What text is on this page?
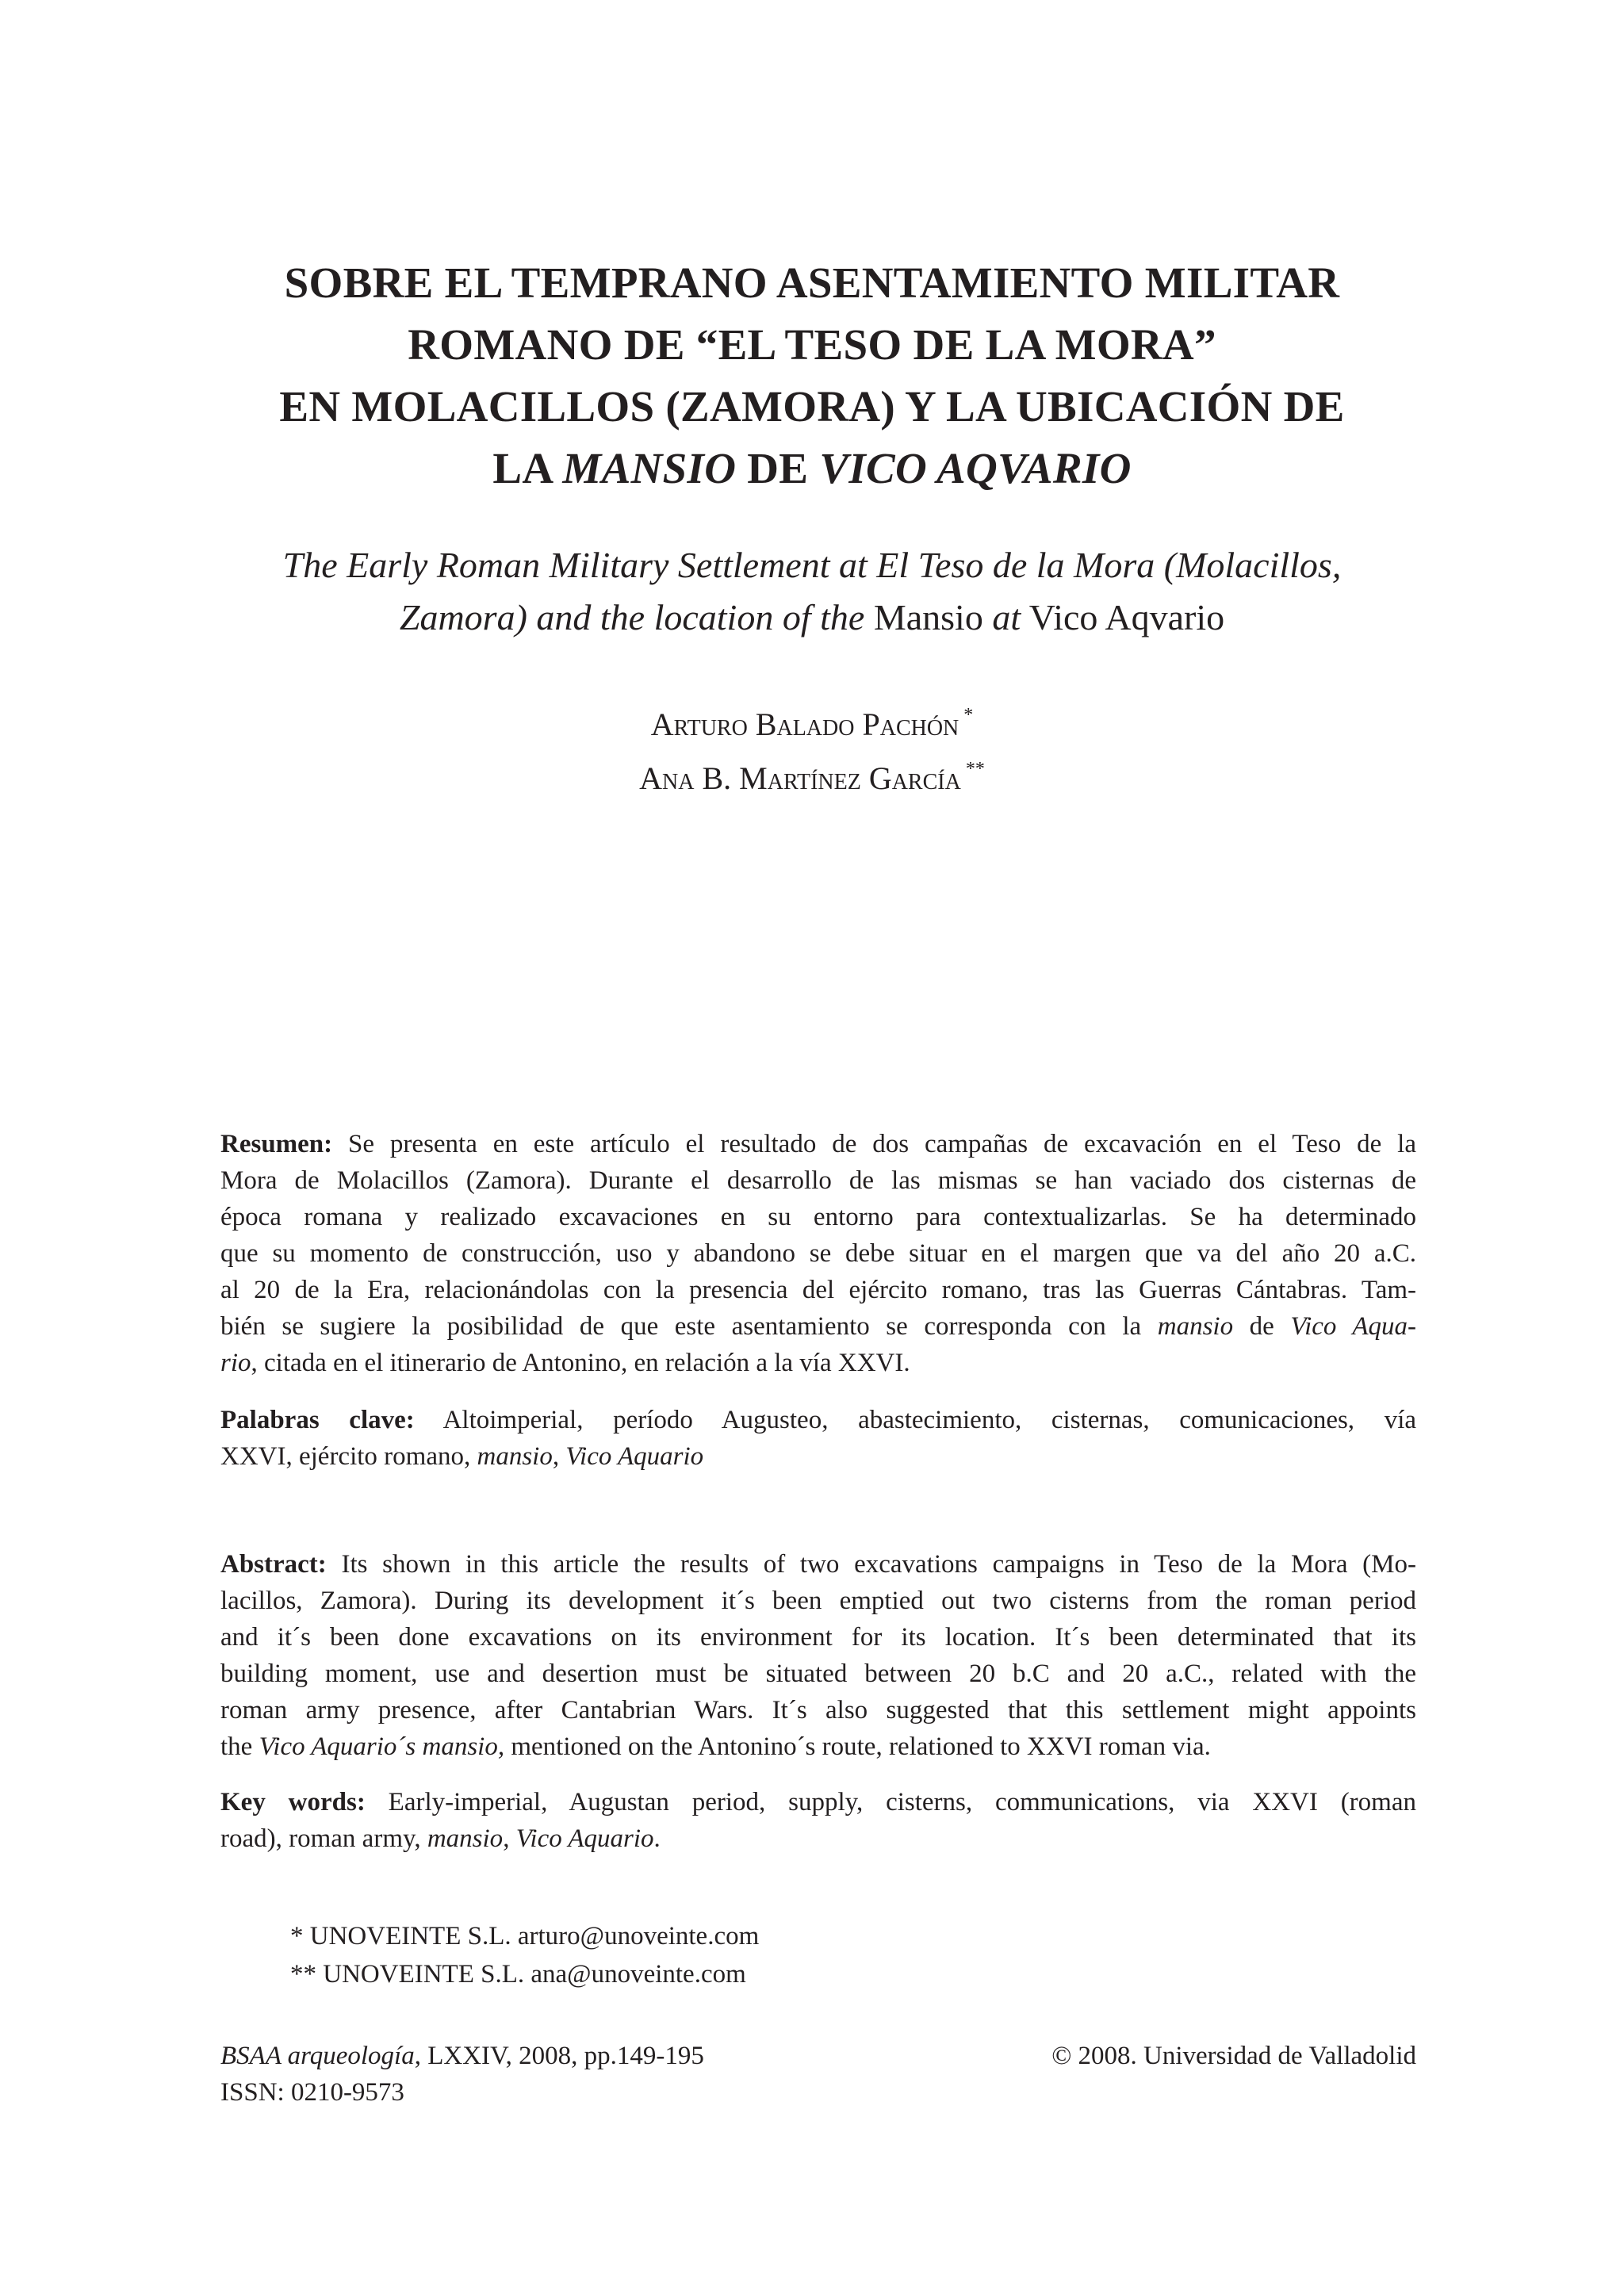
SOBRE EL TEMPRANO ASENTAMIENTO MILITAR
ROMANO DE “EL TESO DE LA MORA”
EN MOLACILLOS (ZAMORA) Y LA UBICACIÓN DE
LA MANSIO DE VICO AQVARIO
The Early Roman Military Settlement at El Teso de la Mora (Molacillos,
Zamora) and the location of the Mansio at Vico Aqvario
Arturo Balado Pachón *
Ana B. Martínez García **
Resumen: Se presenta en este artículo el resultado de dos campañas de excavación en el Teso de la
Mora de Molacillos (Zamora). Durante el desarrollo de las mismas se han vaciado dos cisternas de
época romana y realizado excavaciones en su entorno para contextualizarlas. Se ha determinado
que su momento de construcción, uso y abandono se debe situar en el margen que va del año 20 a.C.
al 20 de la Era, relacionándolas con la presencia del ejército romano, tras las Guerras Cántabras. Tam-
bién se sugiere la posibilidad de que este asentamiento se corresponda con la mansio de Vico Aqua-
rio, citada en el itinerario de Antonino, en relación a la vía XXVI.
Palabras clave: Altoimperial, período Augusteo, abastecimiento, cisternas, comunicaciones, vía
XXVI, ejército romano, mansio, Vico Aquario
Abstract: Its shown in this article the results of two excavations campaigns in Teso de la Mora (Mo-
lacillos, Zamora). During its development it´s been emptied out two cisterns from the roman period
and it´s been done excavations on its environment for its location. It´s been determinated that its
building moment, use and desertion must be situated between 20 b.C and 20 a.C., related with the
roman army presence, after Cantabrian Wars. It´s also suggested that this settlement might appoints
the Vico Aquario´s mansio, mentioned on the Antonino´s route, relationed to XXVI roman via.
Key words: Early-imperial, Augustan period, supply, cisterns, communications, via XXVI (roman
road), roman army, mansio, Vico Aquario.
* UNOVEINTE S.L. arturo@unoveinte.com
** UNOVEINTE S.L. ana@unoveinte.com
BSAA arqueología, LXXIV, 2008, pp.149-195
ISSN: 0210-9573
© 2008. Universidad de Valladolid
